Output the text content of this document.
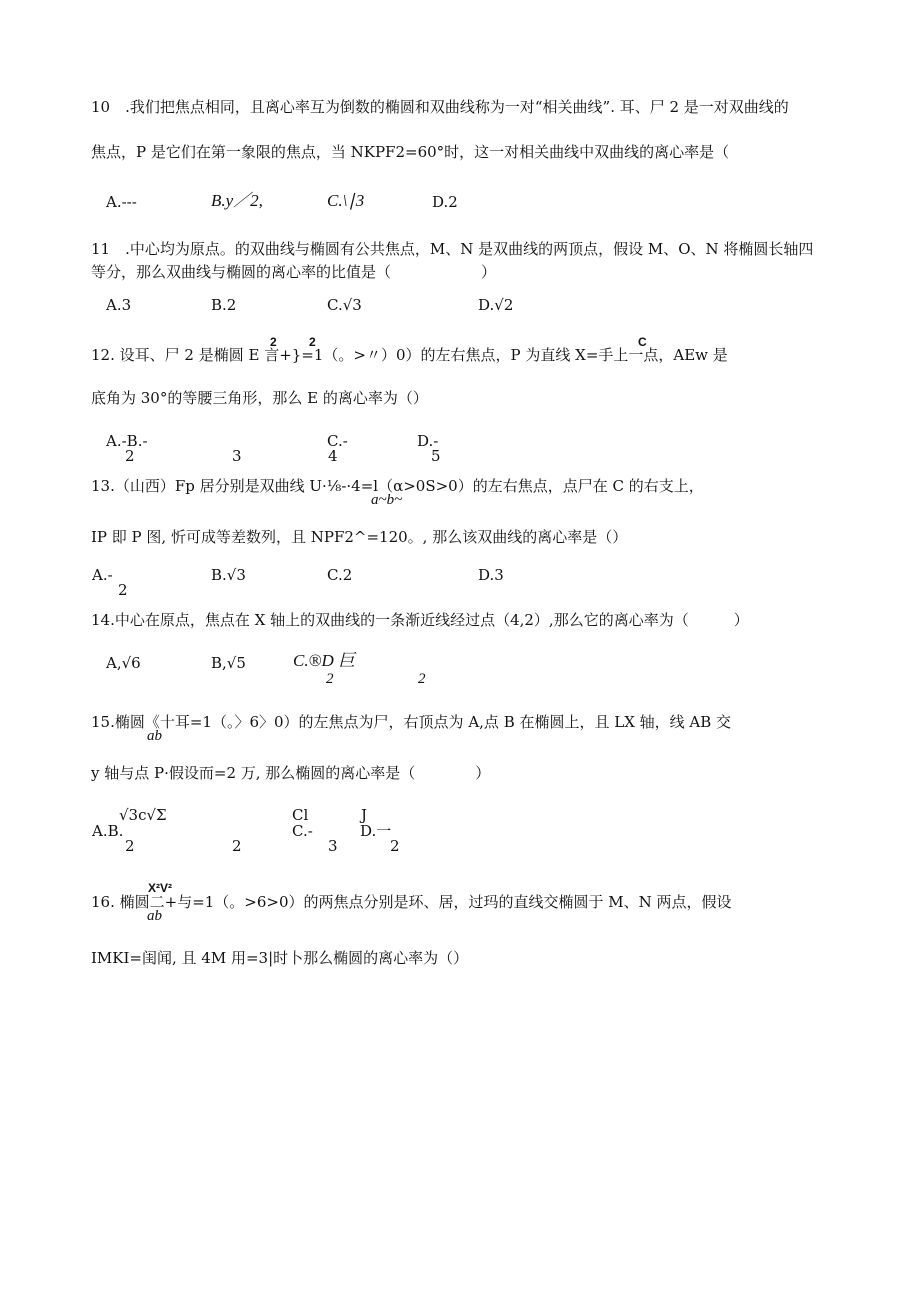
10　.我们把焦点相同，且离心率互为倒数的椭圆和双曲线称为一对“相关曲线”. 耳、尸 2 是一对双曲线的
焦点，P 是它们在第一象限的焦点，当 NKPF2=60°时，这一对相关曲线中双曲线的离心率是（
A.---	B.y／2,	C.\∣3	D.2
11　.中心均为原点。的双曲线与椭圆有公共焦点，M、N 是双曲线的两顶点，假设 M、O、N 将椭圆长轴四
等分，那么双曲线与椭圆的离心率的比值是（　　　　　　）
A.3	B.2	C.√3	D.√2
2	2	C
12. 设耳、尸 2 是椭圆 E 言+}=1（。>〃）0）的左右焦点，P 为直线 X=手上一点，AEw 是
底角为 30°的等腰三角形，那么 E 的离心率为（）
A.-B.-	C.-	D.-
2	3	4	5
13.（山西）Fp 居分别是双曲线 U·⅛-·4=l（α>0S>0）的左右焦点，点尸在 C 的右支上，
a~b~
IP 即 P 图, 忻可成等差数列，且 NPF2^=120。, 那么该双曲线的离心率是（）
A.-
2
B.√3	C.2	D.3
14.中心在原点，焦点在 X 轴上的双曲线的一条渐近线经过点（4,2）,那么它的离心率为（　　　）
A,√6	B,√5	C.®D 巨
2	2
15.椭圆《十耳=1（。〉6〉0）的左焦点为尸，右顶点为 A,点 B 在椭圆上，且 LX 轴，线 AB 交
ab
y 轴与点 P·假设而=2 万, 那么椭圆的离心率是（　　　　）
√3c√Σ	Cl	J
A.B.	C.-	D.一
2	2	3	2
X²V²
16. 椭圆二+与=1（。>6>0）的两焦点分别是环、居，过玛的直线交椭圆于 M、N 两点，假设
ab
IMKI=闺闻, 且 4M 用=3|时卜那么椭圆的离心率为（）
